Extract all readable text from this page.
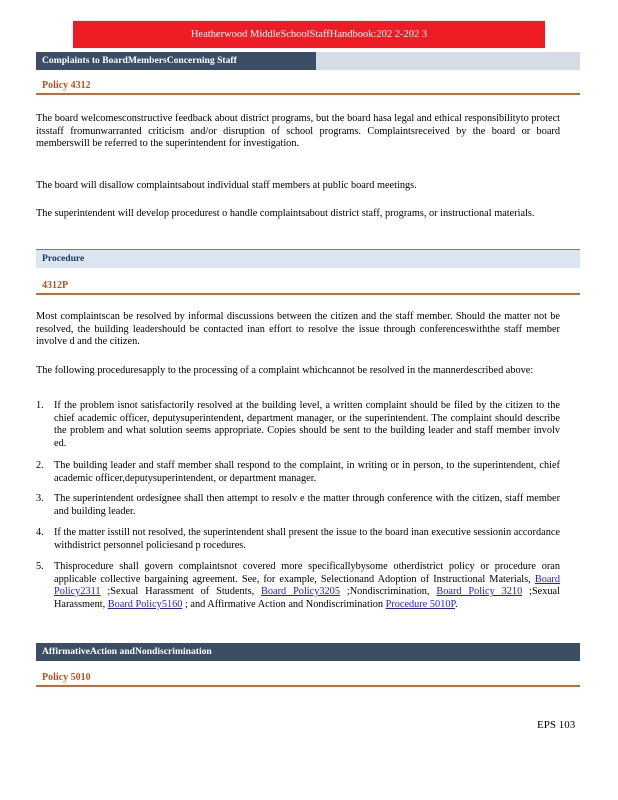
Heatherwood MiddleSchoolStaffHandbook:202 2-202 3
Complaints to BoardMembersConcerning Staff
Policy 4312

The board welcomesconstructive feedback about district programs, but the board hasa legal and ethical responsibilityto protect itsstaff fromunwarranted criticism and/or disruption of school programs. Complaintsreceived by the board or board memberswill be referred to the superintendent for investigation.

The board will disallow complaintsabout individual staff members at public board meetings.

The superintendent will develop procedurest o handle complaintsabout district staff, programs, or instructional materials.

Procedure
4312P

Most complaintscan be resolved by informal discussions between the citizen and the staff member. Should the matter not be resolved, the building leadershould be contacted inan effort to resolve the issue through conferenceswiththe staff member involve d and the citizen.

The following proceduresapply to the processing of a complaint whichcannot be resolved in the mannerdescribed above:

1. If the problem isnot satisfactorily resolved at the building level, a written complaint should be filed by the citizen to the chief academic officer, deputysuperintendent, department manager, or the superintendent. The complaint should describe the problem and what solution seems appropriate. Copies should be sent to the building leader and staff member involv ed.
2. The building leader and staff member shall respond to the complaint, in writing or in person, to the superintendent, chief academic officer,deputysuperintendent, or department manager.
3. The superintendent ordesignee shall then attempt to resolv e the matter through conference with the citizen, staff member and building leader.
4. If the matter isstill not resolved, the superintendent shall present the issue to the board inan executive sessionin accordance withdistrict personnel policiesand p rocedures.
5. Thisprocedure shall govern complaintsnot covered more specificallybysome otherdistrict policy or procedure oran applicable collective bargaining agreement. See, for example, Selectionand Adoption of Instructional Materials, Board Policy2311 ;Sexual Harassment of Students, Board Policy3205 ;Nondiscrimination, Board Policy 3210 ;Sexual Harassment, Board Policy5160 ; and Affirmative Action and Nondiscrimination Procedure 5010P.
AffirmativeAction andNondiscrimination
Policy 5010
EPS 103
